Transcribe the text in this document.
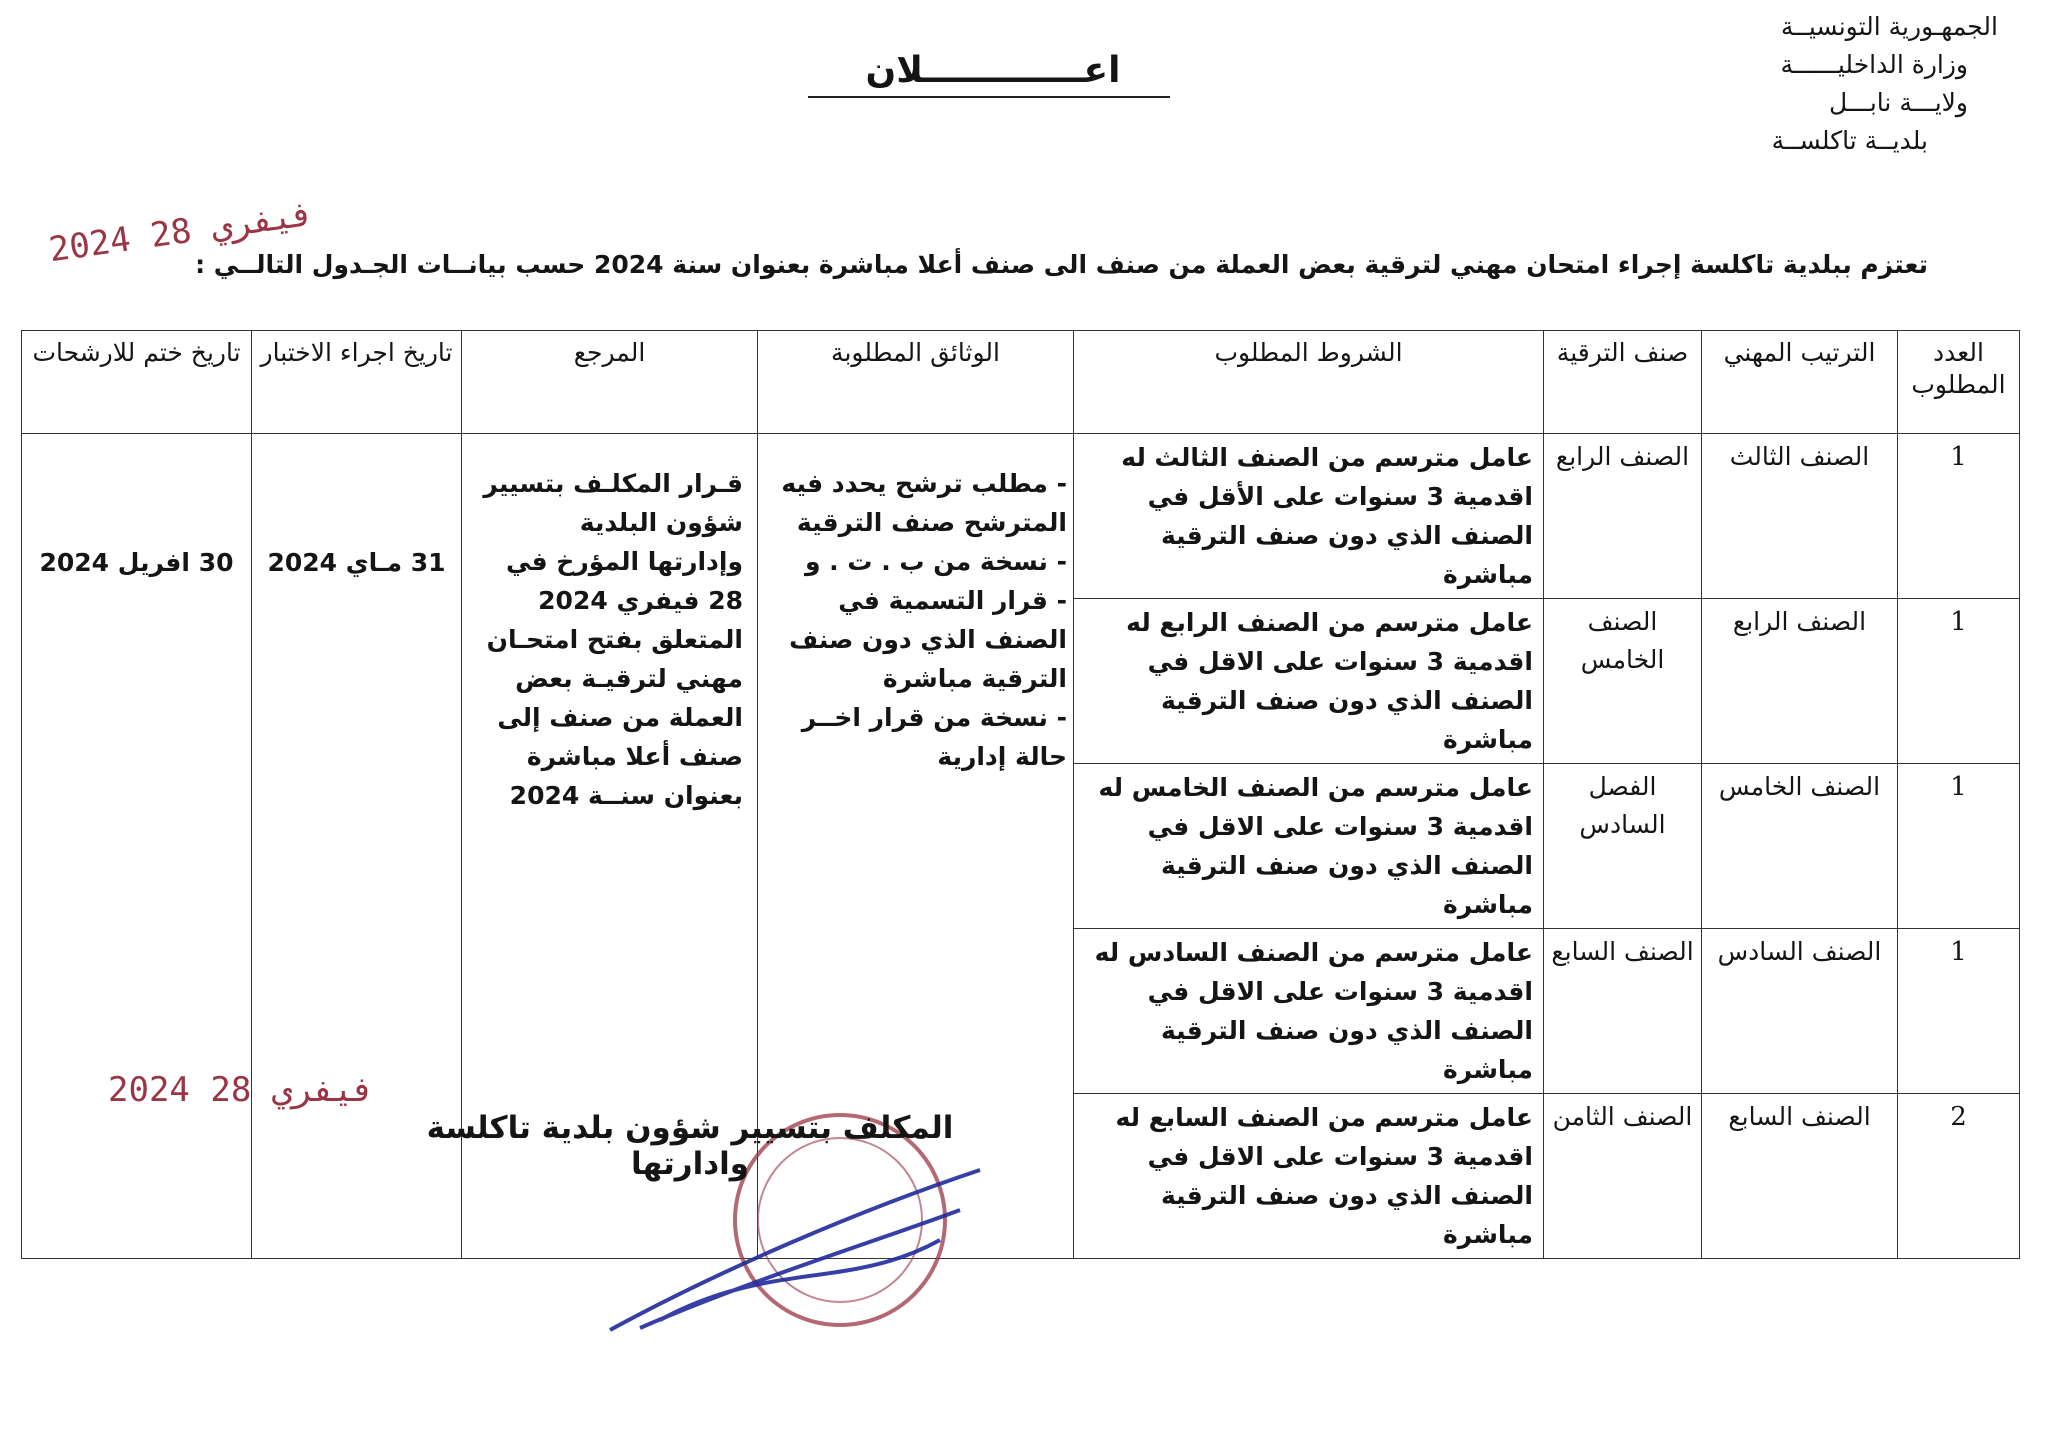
الجمهـورية التونسيــة
وزارة الداخليــــــة
ولايـــة نابـــل
بلديــة تاكلســة
اعـــــــــــــلان
2024 فيفري 28
تعتزم ببلدية تاكلسة إجراء امتحان مهني لترقية بعض العملة من صنف الى صنف أعلا مباشرة بعنوان سنة 2024 حسب بيانــات الجـدول التالــي :
العدد المطلوب	الترتيب المهني	صنف الترقية	الشروط المطلوب	الوثائق المطلوبة	المرجع	تاريخ اجراء الاختبار	تاريخ ختم للارشحات
1	الصنف الثالث	الصنف الرابع	عامل مترسم من الصنف الثالث له اقدمية 3 سنوات على الأقل في الصنف الذي دون صنف الترقية مباشرة	- مطلب ترشح يحدد فيه المترشح صنف الترقية
- نسخة من ب . ت . و
- قرار التسمية في الصنف الذي دون صنف الترقية مباشرة
- نسخة من قرار اخــر حالة إدارية	قـرار المكلـف بتسيير شؤون البلدية وإدارتها المؤرخ في 28 فيفري 2024 المتعلق بفتح امتحـان مهني لترقيـة بعض العملة من صنف إلى صنف أعلا مباشرة بعنوان سنــة 2024	31 مـاي 2024	30 افريل 2024
1	الصنف الرابع	الصنف الخامس	عامل مترسم من الصنف الرابع له اقدمية 3 سنوات على الاقل في الصنف الذي دون صنف الترقية مباشرة				
1	الصنف الخامس	الفصل السادس	عامل مترسم من الصنف الخامس له اقدمية 3 سنوات على الاقل في الصنف الذي دون صنف الترقية مباشرة				
1	الصنف السادس	الصنف السابع	عامل مترسم من الصنف السادس له اقدمية 3 سنوات على الاقل في الصنف الذي دون صنف الترقية مباشرة				
2	الصنف السابع	الصنف الثامن	عامل مترسم من الصنف السابع له اقدمية 3 سنوات على الاقل في الصنف الذي دون صنف الترقية مباشرة				
2024 فيفري 28
المكلف بتسيير شؤون بلدية تاكلسة وادارتها
